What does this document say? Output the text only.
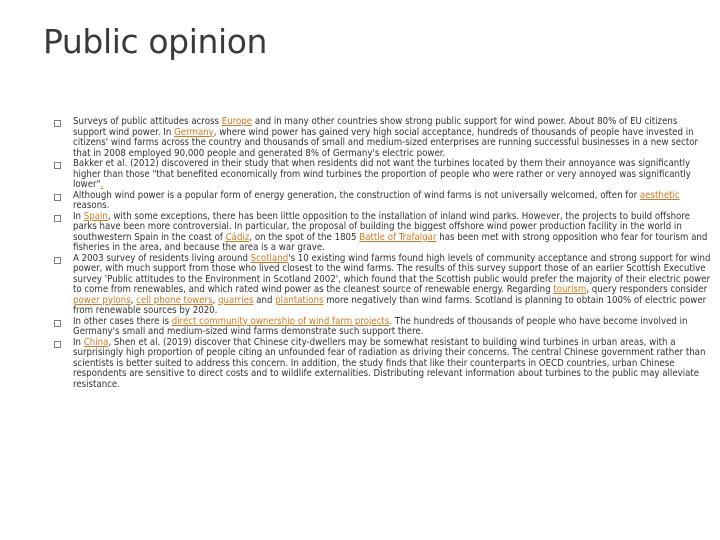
Public opinion
Surveys of public attitudes across Europe and in many other countries show strong public support for wind power. About 80% of EU citizens support wind power. In Germany, where wind power has gained very high social acceptance, hundreds of thousands of people have invested in citizens' wind farms across the country and thousands of small and medium-sized enterprises are running successful businesses in a new sector that in 2008 employed 90,000 people and generated 8% of Germany's electric power.
Bakker et al. (2012) discovered in their study that when residents did not want the turbines located by them their annoyance was significantly higher than those "that benefited economically from wind turbines the proportion of people who were rather or very annoyed was significantly lower".
Although wind power is a popular form of energy generation, the construction of wind farms is not universally welcomed, often for aesthetic reasons.
In Spain, with some exceptions, there has been little opposition to the installation of inland wind parks. However, the projects to build offshore parks have been more controversial. In particular, the proposal of building the biggest offshore wind power production facility in the world in southwestern Spain in the coast of Cádiz, on the spot of the 1805 Battle of Trafalgar has been met with strong opposition who fear for tourism and fisheries in the area, and because the area is a war grave.
A 2003 survey of residents living around Scotland's 10 existing wind farms found high levels of community acceptance and strong support for wind power, with much support from those who lived closest to the wind farms. The results of this survey support those of an earlier Scottish Executive survey 'Public attitudes to the Environment in Scotland 2002', which found that the Scottish public would prefer the majority of their electric power to come from renewables, and which rated wind power as the cleanest source of renewable energy. Regarding tourism, query responders consider power pylons, cell phone towers, quarries and plantations more negatively than wind farms. Scotland is planning to obtain 100% of electric power from renewable sources by 2020.
In other cases there is direct community ownership of wind farm projects. The hundreds of thousands of people who have become involved in Germany's small and medium-sized wind farms demonstrate such support there.
In China, Shen et al. (2019) discover that Chinese city-dwellers may be somewhat resistant to building wind turbines in urban areas, with a surprisingly high proportion of people citing an unfounded fear of radiation as driving their concerns. The central Chinese government rather than scientists is better suited to address this concern. In addition, the study finds that like their counterparts in OECD countries, urban Chinese respondents are sensitive to direct costs and to wildlife externalities. Distributing relevant information about turbines to the public may alleviate resistance.
